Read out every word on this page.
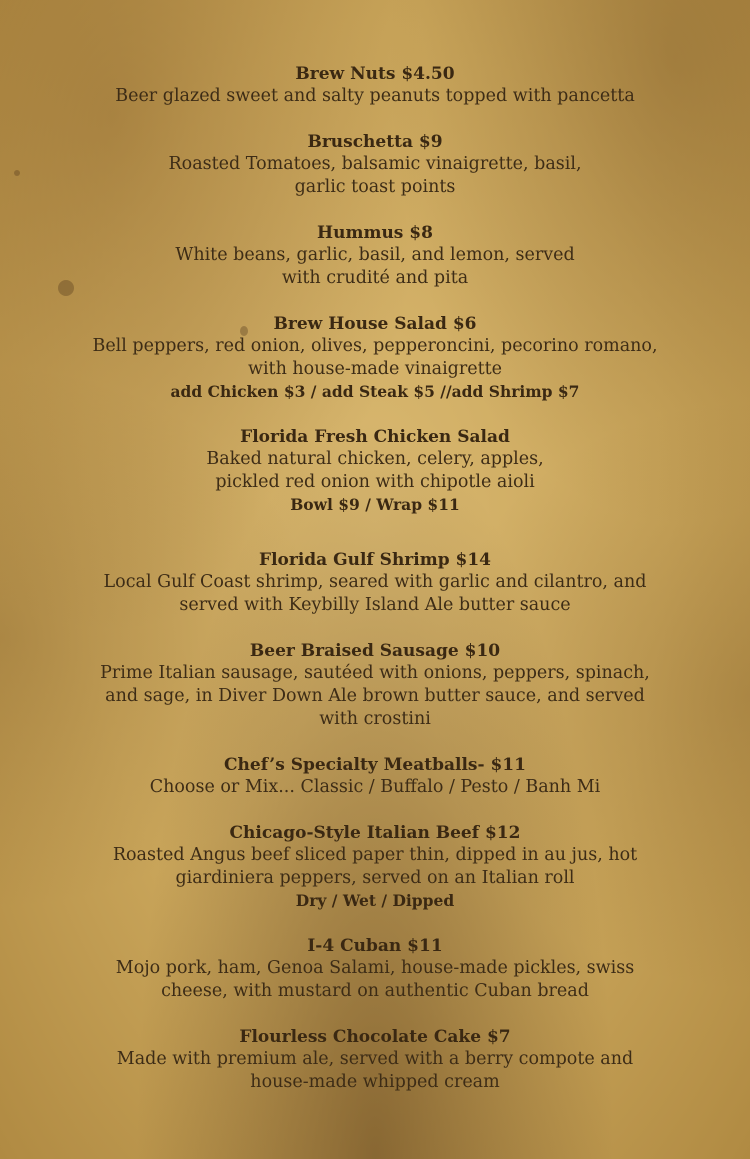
Brew Nuts $4.50

Beer glazed sweet and salty peanuts topped with pancetta

Bruschetta $9

Roasted Tomatoes, balsamic vinaigrette, basil,

garlic toast points

Hummus $8

White beans, garlic, basil, and lemon, served

with crudité and pita

Brew House Salad $6

Bell peppers, red onion, olives, pepperoncini, pecorino romano,

with house-made vinaigrette

add Chicken $3 / add Steak $5 //add Shrimp $7

Florida Fresh Chicken Salad

Baked natural chicken, celery, apples,

pickled red onion with chipotle aioli

Bowl $9 / Wrap $11

Florida Gulf Shrimp $14

Local Gulf Coast shrimp, seared with garlic and cilantro, and

served with Keybilly Island Ale butter sauce

Beer Braised Sausage $10

Prime Italian sausage, sautéed with onions, peppers, spinach,

and sage, in Diver Down Ale brown butter sauce, and served

with crostini

Chef’s Specialty Meatballs- $11

Choose or Mix... Classic / Buffalo / Pesto / Banh Mi

Chicago-Style Italian Beef $12

Roasted Angus beef sliced paper thin, dipped in au jus, hot

giardiniera peppers, served on an Italian roll

Dry / Wet / Dipped

I-4 Cuban $11

Mojo pork, ham, Genoa Salami, house-made pickles, swiss

cheese, with mustard on authentic Cuban bread

Flourless Chocolate Cake $7

Made with premium ale, served with a berry compote and

house-made whipped cream
